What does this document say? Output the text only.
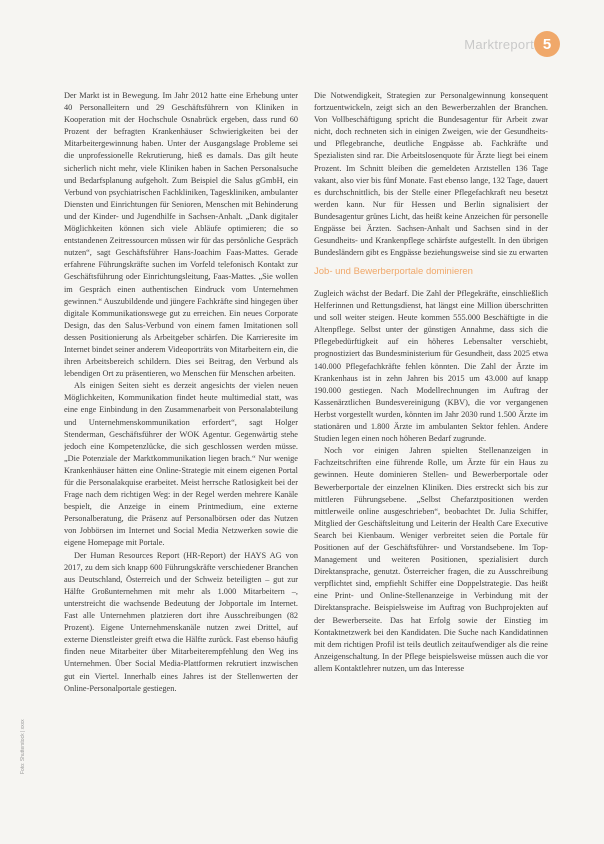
Marktreport 5

Der Markt ist in Bewegung. Im Jahr 2012 hatte eine Erhebung unter 40 Personalleitern und 29 Geschäftsführern von Kliniken in Kooperation mit der Hochschule Osnabrück ergeben, dass rund 60 Prozent der befragten Krankenhäuser Schwierigkeiten bei der Mitarbeitergewinnung haben. Unter der Ausgangslage Probleme sei die unprofessionelle Rekrutierung, hieß es damals. Das gilt heute sicherlich nicht mehr, viele Kliniken haben in Sachen Personalsuche und Bedarfsplanung aufgeholt. Zum Beispiel die Salus gGmbH, ein Verbund von psychiatrischen Fachkliniken, Tageskliniken, ambulanter Diensten und Einrichtungen für Senioren, Menschen mit Behinderung und der Kinder- und Jugendhilfe in Sachsen-Anhalt. „Dank digitaler Möglichkeiten können sich viele Abläufe optimieren; die so entstandenen Zeitressourcen müssen wir für das persönliche Gespräch nutzen“, sagt Geschäftsführer Hans-Joachim Faas-Mattes. Gerade erfahrene Führungskräfte suchen im Vorfeld telefonisch Kontakt zur Geschäftsführung oder Einrichtungsleitung, Faas-Mattes. „Sie wollen im Gespräch einen authentischen Eindruck vom Unternehmen gewinnen.“ Auszubildende und jüngere Fachkräfte sind hingegen über digitale Kommunikationswege gut zu erreichen. Ein neues Corporate Design, das den Salus-Verbund von einem famen Imitationen soll dessen Positionierung als Arbeitgeber schärfen. Die Karrieresite im Internet bindet seiner anderem Videoporträts von Mitarbeitern ein, die ihren Arbeitsbereich schildern. Dies sei Beitrag, den Verbund als lebendigen Ort zu präsentieren, wo Menschen für Menschen arbeiten.

Als einigen Seiten sieht es derzeit angesichts der vielen neuen Möglichkeiten, Kommunikation findet heute multimedial statt, was eine enge Einbindung in den Zusammenarbeit von Personalabteilung und Unternehmenskommunikation erfordert“, sagt Holger Stenderman, Geschäftsführer der WOK Agentur. Gegenwärtig stehe jedoch eine Kompetenzlücke, die sich geschlossen werden müsse. „Die Potenziale der Marktkommunikation liegen brach.“ Nur wenige Krankenhäuser hätten eine Online-Strategie mit einem eigenen Portal für die Personalakquise erarbeitet. Meist herrsche Ratlosigkeit bei der Frage nach dem richtigen Weg: in der Regel werden mehrere Kanäle bespielt, die Anzeige in einem Printmedium, eine externe Personalberatung, die Präsenz auf Personalbörsen oder das Nutzen von Jobbörsen im Internet und Social Media Netzwerken sowie die eigene Homepage mit Portale.

Der Human Resources Report (HR-Report) der HAYS AG von 2017, zu dem sich knapp 600 Führungskräfte verschiedener Branchen aus Deutschland, Österreich und der Schweiz beteiligten – gut zur Hälfte Großunternehmen mit mehr als 1.000 Mitarbeitern –, unterstreicht die wachsende Bedeutung der Jobportale im Internet. Fast alle Unternehmen platzieren dort ihre Ausschreibungen (82 Prozent). Eigene Unternehmenskanäle nutzen zwei Drittel, auf externe Dienstleister greift etwa die Hälfte zurück. Fast ebenso häufig finden neue Mitarbeiter über Mitarbeiterempfehlung den Weg ins Unternehmen. Über Social Media-Plattformen rekrutiert inzwischen gut ein Viertel. Innerhalb eines Jahres ist der Stellenwerten der Online-Personalportale gestiegen.

Die Notwendigkeit, Strategien zur Personalgewinnung konsequent fortzuentwickeln, zeigt sich an den Bewerberzahlen der Branchen. Von Vollbeschäftigung spricht die Bundesagentur für Arbeit zwar nicht, doch rechneten sich in einigen Zweigen, wie der Gesundheits- und Pflegebranche, deutliche Engpässe ab. Fachkräfte und Spezialisten sind rar. Die Arbeitslosenquote für Ärzte liegt bei einem Prozent. Im Schnitt bleiben die gemeldeten Arztstellen 136 Tage vakant, also vier bis fünf Monate. Fast ebenso lange, 132 Tage, dauert es durchschnittlich, bis der Stelle einer Pflegefachkraft neu besetzt werden kann. Nur für Hessen und Berlin signalisiert der Bundesagentur grünes Licht, das heißt keine Anzeichen für personelle Engpässe bei Ärzten. Sachsen-Anhalt und Sachsen sind in der Gesundheits- und Krankenpflege schärfste aufgestellt. In den übrigen Bundesländern gibt es Engpässe beziehungsweise sind sie zu erwarten

Job- und Bewerberportale dominieren

Zugleich wächst der Bedarf. Die Zahl der Pflegekräfte, einschließlich Helferinnen und Rettungsdienst, hat längst eine Million überschritten und soll weiter steigen. Heute kommen 555.000 Beschäftigte in die Altenpflege. Selbst unter der günstigen Annahme, dass sich die Pflegebedürftigkeit auf ein höheres Lebensalter verschiebt, prognostiziert das Bundesministerium für Gesundheit, dass 2025 etwa 140.000 Pflegefachkräfte fehlen könnten. Die Zahl der Ärzte im Krankenhaus ist in zehn Jahren bis 2015 um 43.000 auf knapp 190.000 gestiegen. Nach Modellrechnungen im Auftrag der Kassenärztlichen Bundesvereinigung (KBV), die vor vergangenen Herbst vorgestellt wurden, könnten im Jahr 2030 rund 1.500 Ärzte im stationären und 1.800 Ärzte im ambulanten Sektor fehlen. Andere Studien legen einen noch höheren Bedarf zugrunde.

Noch vor einigen Jahren spielten Stellenanzeigen in Fachzeitschriften eine führende Rolle, um Ärzte für ein Haus zu gewinnen. Heute dominieren Stellen- und Bewerberportale oder Bewerberportale der einzelnen Kliniken. Dies erstreckt sich bis zur mittleren Führungsebene. „Selbst Chefarztpositionen werden mittlerweile online ausgeschrieben“, beobachtet Dr. Julia Schiffer, Mitglied der Geschäftsleitung und Leiterin der Health Care Executive Search bei Kienbaum. Weniger verbreitet seien die Portale für Positionen auf der Geschäftsführer- und Vorstandsebene. Im Top-Management und weiteren Positionen, spezialisiert durch Direktansprache, genutzt. Österreicher fragen, die zu Ausschreibung verpflichtet sind, empfiehlt Schiffer eine Doppelstrategie. Das heißt eine Print- und Online-Stellenanzeige in Verbindung mit der Direktansprache. Beispielsweise im Auftrag von Buchprojekten auf der Bewerberseite. Das hat Erfolg sowie der Einstieg im Kontaktnetzwerk bei den Kandidaten. Die Suche nach Kandidatinnen mit dem richtigen Profil ist teils deutlich zeitaufwendiger als die reine Anzeigenschaltung. In der Pflege beispielsweise müssen auch die vor allem Kontaktlehrer nutzen, um das Interesse

Foto: Shutterstock | xxxx
